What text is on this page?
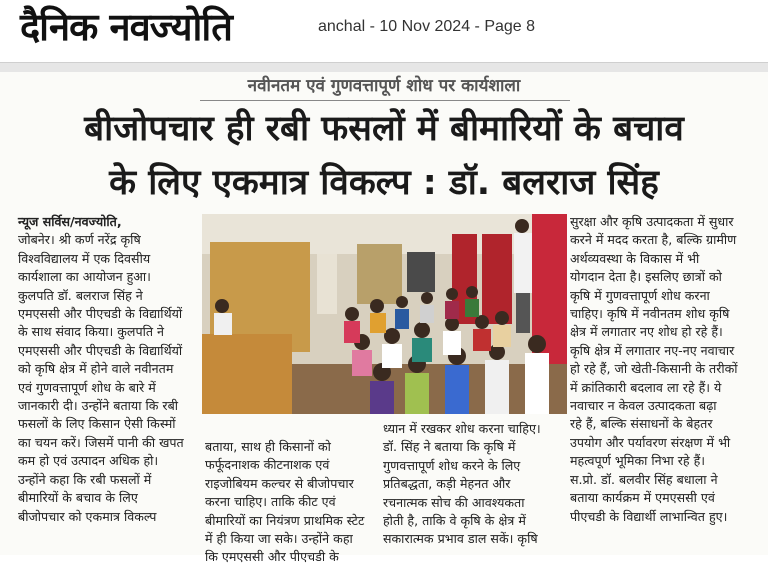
दैनिक नवज्योति	anchal - 10 Nov 2024 - Page 8
नवीनतम एवं गुणवत्तापूर्ण शोध पर कार्यशाला
बीजोपचार ही रबी फसलों में बीमारियों के बचाव
के लिए एकमात्र विकल्प : डॉ. बलराज सिंह
न्यूज सर्विस/नवज्योति,
जोबनेर। श्री कर्ण नरेंद्र कृषि
विश्वविद्यालय में एक दिवसीय
कार्यशाला का आयोजन हुआ।
कुलपति डॉ. बलराज सिंह ने
एमएससी और पीएचडी के विद्यार्थियों
के साथ संवाद किया। कुलपति ने
एमएससी और पीएचडी के विद्यार्थियों
को कृषि क्षेत्र में होने वाले नवीनतम
एवं गुणवत्तापूर्ण शोध के बारे में
जानकारी दी। उन्होंने बताया कि रबी
फसलों के लिए किसान ऐसी किस्मों
का चयन करें। जिसमें पानी की खपत
कम हो एवं उत्पादन अधिक हो।
उन्होंने कहा कि रबी फसलों में
बीमारियों के बचाव के लिए
बीजोपचार को एकमात्र विकल्प
बताया, साथ ही किसानों को
फर्फूदनाशक कीटनाशक एवं
राइजोबियम कल्चर से बीजोपचार
करना चाहिए। ताकि कीट एवं
बीमारियों का नियंत्रण प्राथमिक स्टेट
में ही किया जा सके। उन्होंने कहा
कि एमएससी और पीएचडी के
ध्यान में रखकर शोध करना चाहिए।
डॉ. सिंह ने बताया कि कृषि में
गुणवत्तापूर्ण शोध करने के लिए
प्रतिबद्धता, कड़ी मेहनत और
रचनात्मक सोच की आवश्यकता
होती है, ताकि वे कृषि के क्षेत्र में
सकारात्मक प्रभाव डाल सकें। कृषि
सुरक्षा और कृषि उत्पादकता में सुधार
करने में मदद करता है, बल्कि ग्रामीण
अर्थव्यवस्था के विकास में भी
योगदान देता है। इसलिए छात्रों को
कृषि में गुणवत्तापूर्ण शोध करना
चाहिए। कृषि में नवीनतम शोध कृषि
क्षेत्र में लगातार नए शोध हो रहे हैं।
कृषि क्षेत्र में लगातार नए-नए नवाचार
हो रहे हैं, जो खेती-किसानी के तरीकों
में क्रांतिकारी बदलाव ला रहे हैं। ये
नवाचार न केवल उत्पादकता बढ़ा
रहे हैं, बल्कि संसाधनों के बेहतर
उपयोग और पर्यावरण संरक्षण में भी
महत्वपूर्ण भूमिका निभा रहे हैं।
स.प्रो. डॉ. बलवीर सिंह बधाला ने
बताया कार्यक्रम में एमएससी एवं
पीएचडी के विद्यार्थी लाभान्वित हुए।
